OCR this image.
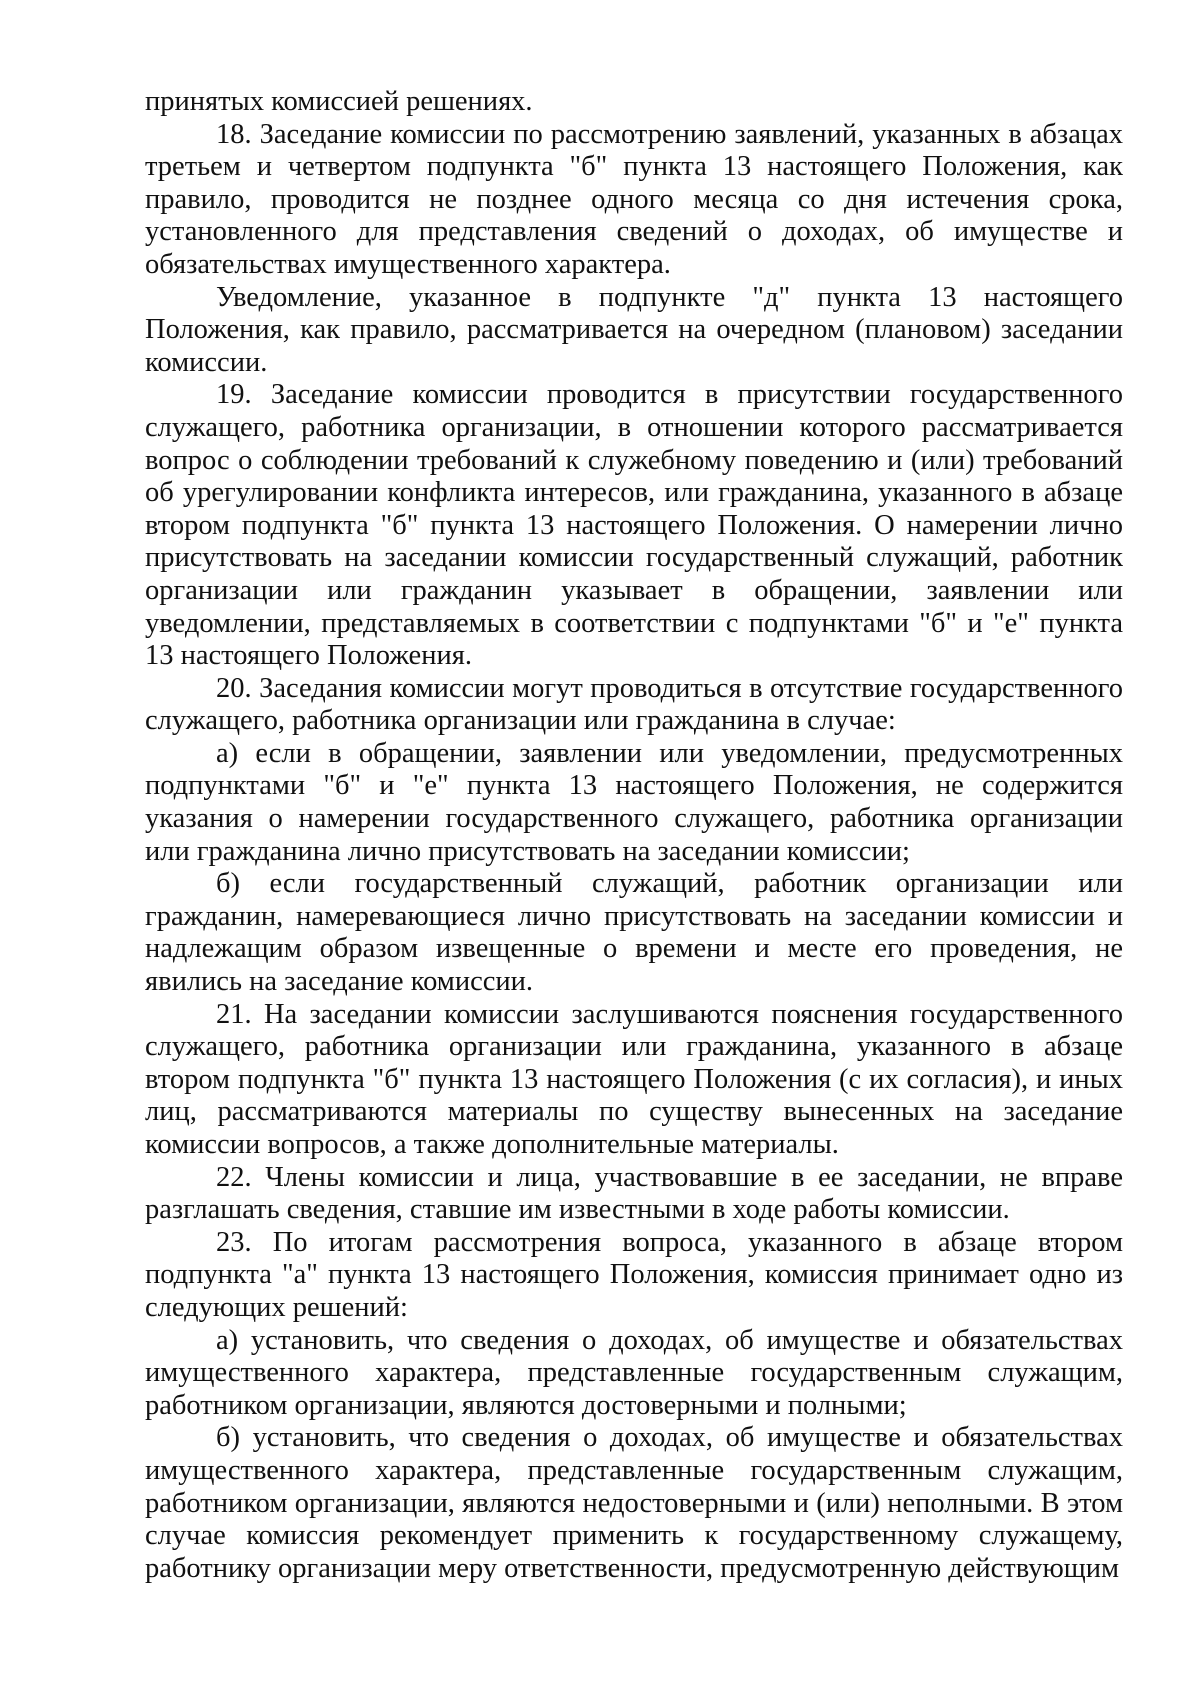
принятых комиссией решениях.

18. Заседание комиссии по рассмотрению заявлений, указанных в абзацах третьем и четвертом подпункта "б" пункта 13 настоящего Положения, как правило, проводится не позднее одного месяца со дня истечения срока, установленного для представления сведений о доходах, об имуществе и обязательствах имущественного характера.

Уведомление, указанное в подпункте "д" пункта 13 настоящего Положения, как правило, рассматривается на очередном (плановом) заседании комиссии.

19. Заседание комиссии проводится в присутствии государственного служащего, работника организации, в отношении которого рассматривается вопрос о соблюдении требований к служебному поведению и (или) требований об урегулировании конфликта интересов, или гражданина, указанного в абзаце втором подпункта "б" пункта 13 настоящего Положения. О намерении лично присутствовать на заседании комиссии государственный служащий, работник организации или гражданин указывает в обращении, заявлении или уведомлении, представляемых в соответствии с подпунктами "б" и "е" пункта 13 настоящего Положения.

20. Заседания комиссии могут проводиться в отсутствие государственного служащего, работника организации или гражданина в случае:

а) если в обращении, заявлении или уведомлении, предусмотренных подпунктами "б" и "е" пункта 13 настоящего Положения, не содержится указания о намерении государственного служащего, работника организации или гражданина лично присутствовать на заседании комиссии;

б) если государственный служащий, работник организации или гражданин, намеревающиеся лично присутствовать на заседании комиссии и надлежащим образом извещенные о времени и месте его проведения, не явились на заседание комиссии.

21. На заседании комиссии заслушиваются пояснения государственного служащего, работника организации или гражданина, указанного в абзаце втором подпункта "б" пункта 13 настоящего Положения (с их согласия), и иных лиц, рассматриваются материалы по существу вынесенных на заседание комиссии вопросов, а также дополнительные материалы.

22. Члены комиссии и лица, участвовавшие в ее заседании, не вправе разглашать сведения, ставшие им известными в ходе работы комиссии.

23. По итогам рассмотрения вопроса, указанного в абзаце втором подпункта "а" пункта 13 настоящего Положения, комиссия принимает одно из следующих решений:

а) установить, что сведения о доходах, об имуществе и обязательствах имущественного характера, представленные государственным служащим, работником организации, являются достоверными и полными;

б) установить, что сведения о доходах, об имуществе и обязательствах имущественного характера, представленные государственным служащим, работником организации, являются недостоверными и (или) неполными. В этом случае комиссия рекомендует применить к государственному служащему, работнику организации меру ответственности, предусмотренную действующим
